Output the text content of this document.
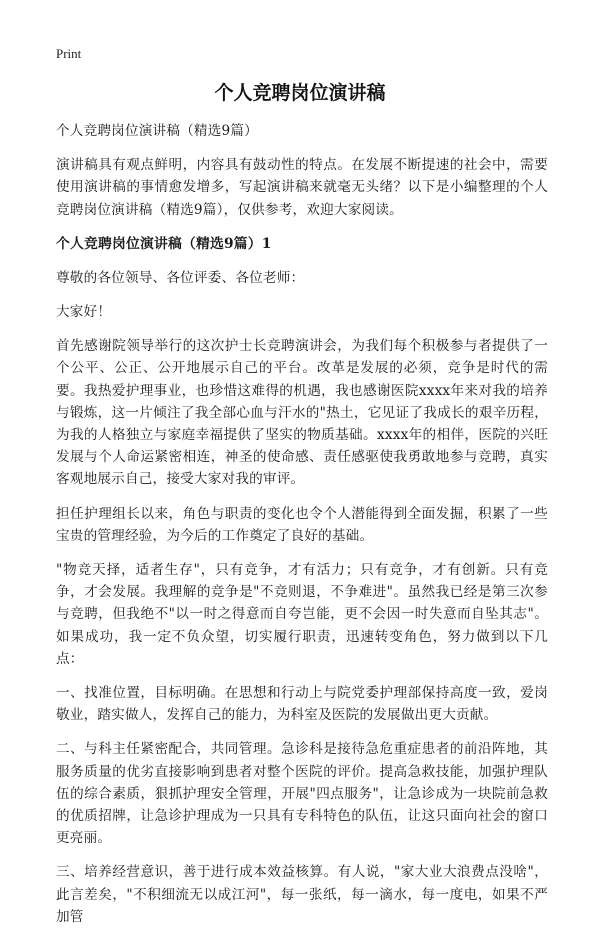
Print
个人竞聘岗位演讲稿

个人竞聘岗位演讲稿（精选9篇）

演讲稿具有观点鲜明，内容具有鼓动性的特点。在发展不断提速的社会中，需要使用演讲稿的事情愈发增多，写起演讲稿来就毫无头绪？以下是小编整理的个人竞聘岗位演讲稿（精选9篇），仅供参考，欢迎大家阅读。

个人竞聘岗位演讲稿（精选9篇）1

尊敬的各位领导、各位评委、各位老师：

大家好！

首先感谢院领导举行的这次护士长竞聘演讲会，为我们每个积极参与者提供了一个公平、公正、公开地展示自己的平台。改革是发展的必须，竞争是时代的需要。我热爱护理事业，也珍惜这难得的机遇，我也感谢医院xxxx年来对我的培养与锻炼，这一片倾注了我全部心血与汗水的"热土，它见证了我成长的艰辛历程，为我的人格独立与家庭幸福提供了坚实的物质基础。xxxx年的相伴，医院的兴旺发展与个人命运紧密相连，神圣的使命感、责任感驱使我勇敢地参与竞聘，真实客观地展示自己，接受大家对我的审评。

担任护理组长以来，角色与职责的变化也令个人潜能得到全面发掘，积累了一些宝贵的管理经验，为今后的工作奠定了良好的基础。

"物竞天择，适者生存"，只有竞争，才有活力；只有竞争，才有创新。只有竞争，才会发展。我理解的竞争是"不竞则退，不争难进"。虽然我已经是第三次参与竞聘，但我绝不"以一时之得意而自夸岂能，更不会因一时失意而自坠其志"。如果成功，我一定不负众望，切实履行职责，迅速转变角色，努力做到以下几点：

一、找准位置，目标明确。在思想和行动上与院党委护理部保持高度一致，爱岗敬业，踏实做人，发挥自己的能力，为科室及医院的发展做出更大贡献。

二、与科主任紧密配合，共同管理。急诊科是接待急危重症患者的前沿阵地，其服务质量的优劣直接影响到患者对整个医院的评价。提高急救技能，加强护理队伍的综合素质，狠抓护理安全管理，开展"四点服务"，让急诊成为一块院前急救的优质招牌，让急诊护理成为一只具有专科特色的队伍，让这只面向社会的窗口更亮丽。

三、培养经营意识，善于进行成本效益核算。有人说，"家大业大浪费点没啥"，此言差矣，"不积细流无以成江河"，每一张纸，每一滴水，每一度电，如果不严加管
